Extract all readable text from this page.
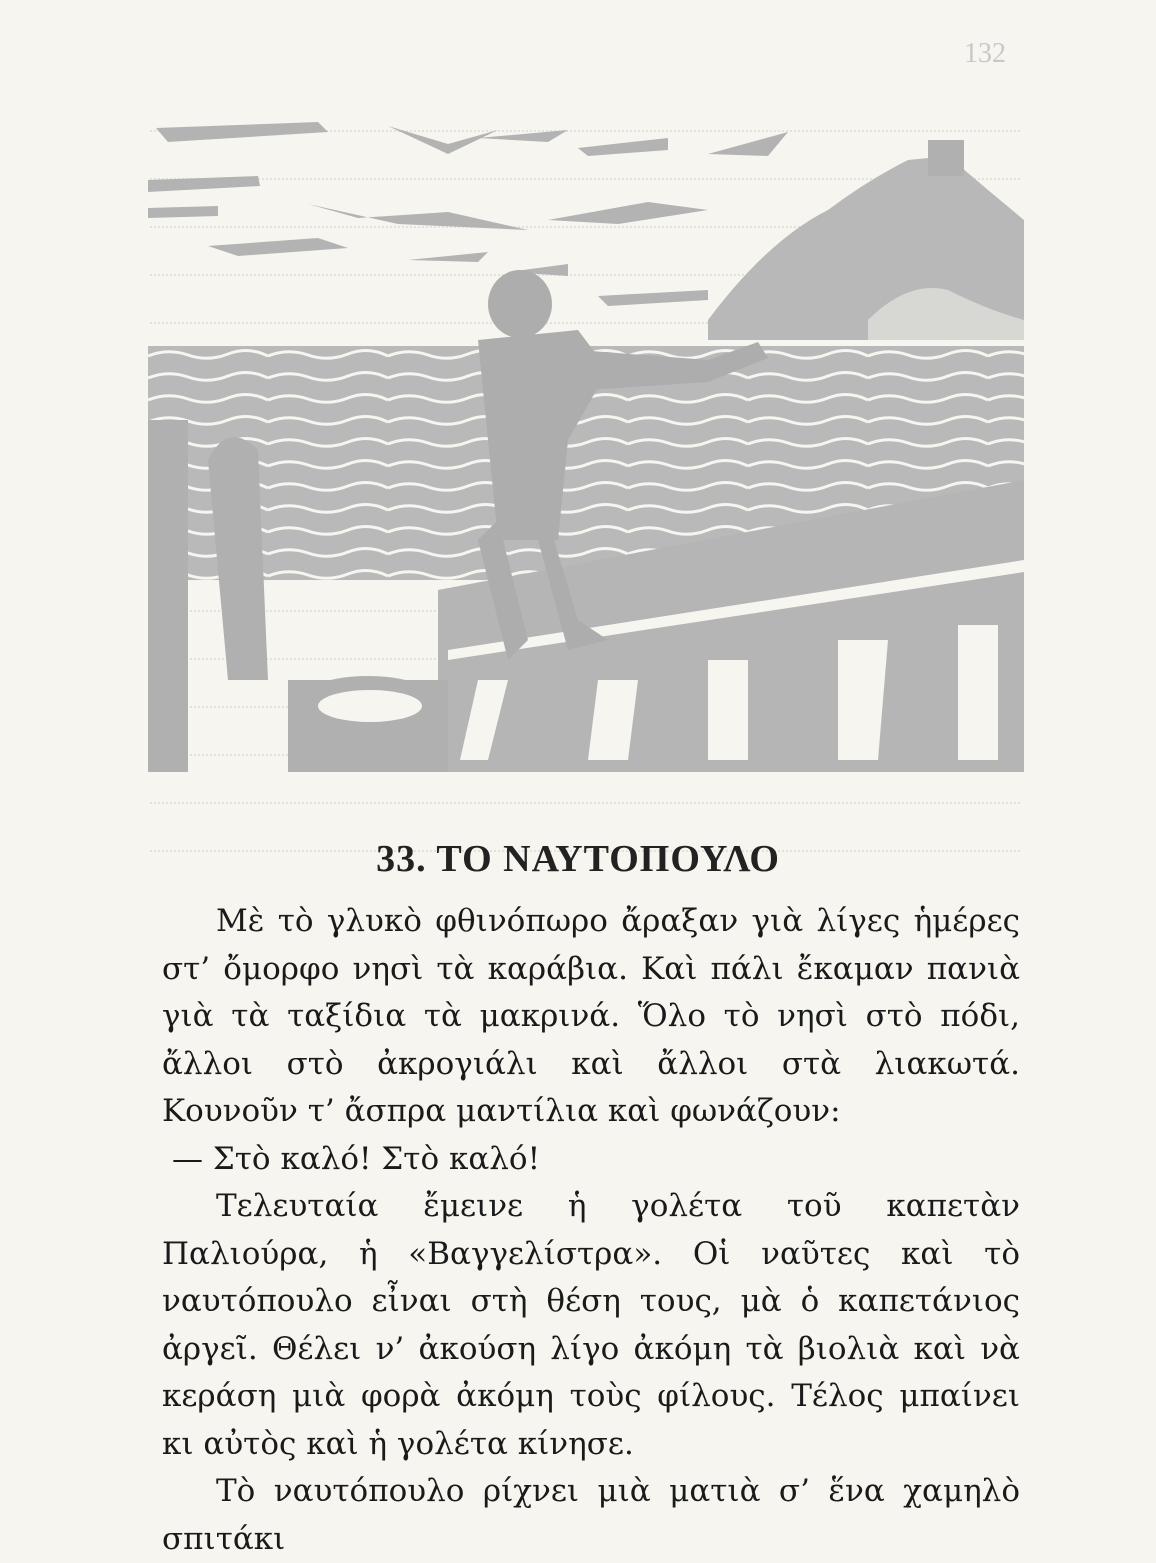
132
33. ΤΟ ΝΑΥΤΟΠΟΥΛΟ

Μὲ τὸ γλυκὸ φθινόπωρο ἄραξαν γιὰ λίγες ἡμέρες στ’ ὄμορφο νησὶ τὰ καράβια. Καὶ πάλι ἔκαμαν πανιὰ γιὰ τὰ ταξίδια τὰ μακρινά. Ὅλο τὸ νησὶ στὸ πόδι, ἄλλοι στὸ ἀκρογιάλι καὶ ἄλλοι στὰ λιακωτά. Κουνοῦν τ’ ἄσπρα μαντίλια καὶ φωνάζουν:

— Στὸ καλό! Στὸ καλό!

Τελευταία ἔμεινε ἡ γολέτα τοῦ καπετὰν Παλιούρα, ἡ «Βαγγελίστρα». Οἱ ναῦτες καὶ τὸ ναυτόπουλο εἶναι στὴ θέση τους, μὰ ὁ καπετάνιος ἀργεῖ. Θέλει ν’ ἀκούση λίγο ἀκόμη τὰ βιολιὰ καὶ νὰ κεράση μιὰ φορὰ ἀκόμη τοὺς φίλους. Τέλος μπαίνει κι αὐτὸς καὶ ἡ γολέτα κίνησε.

Τὸ ναυτόπουλο ρίχνει μιὰ ματιὰ σ’ ἕνα χαμηλὸ σπιτάκι
